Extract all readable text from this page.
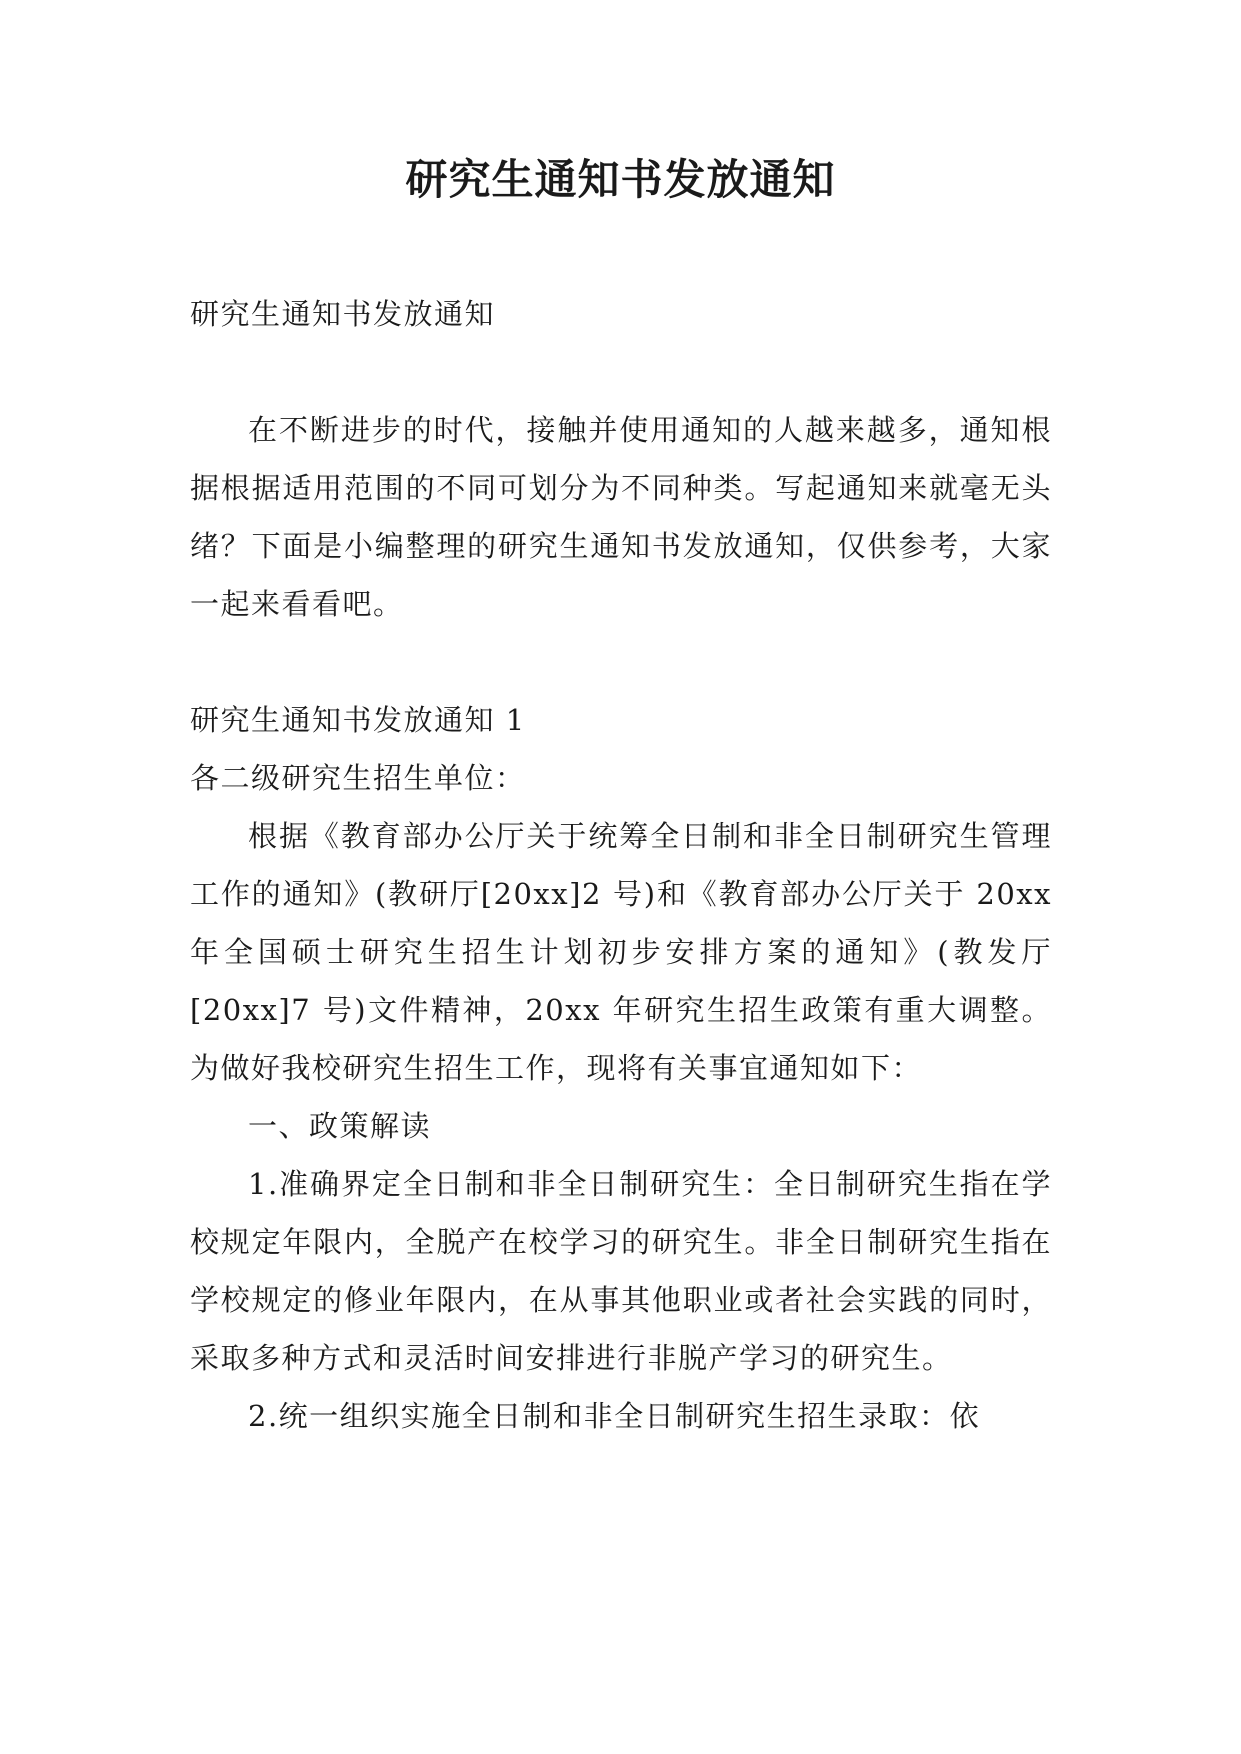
研究生通知书发放通知

研究生通知书发放通知

在不断进步的时代，接触并使用通知的人越来越多，通知根据根据适用范围的不同可划分为不同种类。写起通知来就毫无头绪？下面是小编整理的研究生通知书发放通知，仅供参考，大家一起来看看吧。

研究生通知书发放通知 1

各二级研究生招生单位：

根据《教育部办公厅关于统筹全日制和非全日制研究生管理工作的通知》(教研厅[20xx]2 号)和《教育部办公厅关于 20xx 年全国硕士研究生招生计划初步安排方案的通知》(教发厅[20xx]7 号)文件精神，20xx 年研究生招生政策有重大调整。为做好我校研究生招生工作，现将有关事宜通知如下：

一、政策解读

1.准确界定全日制和非全日制研究生：全日制研究生指在学校规定年限内，全脱产在校学习的研究生。非全日制研究生指在学校规定的修业年限内，在从事其他职业或者社会实践的同时，采取多种方式和灵活时间安排进行非脱产学习的研究生。

2.统一组织实施全日制和非全日制研究生招生录取：依
